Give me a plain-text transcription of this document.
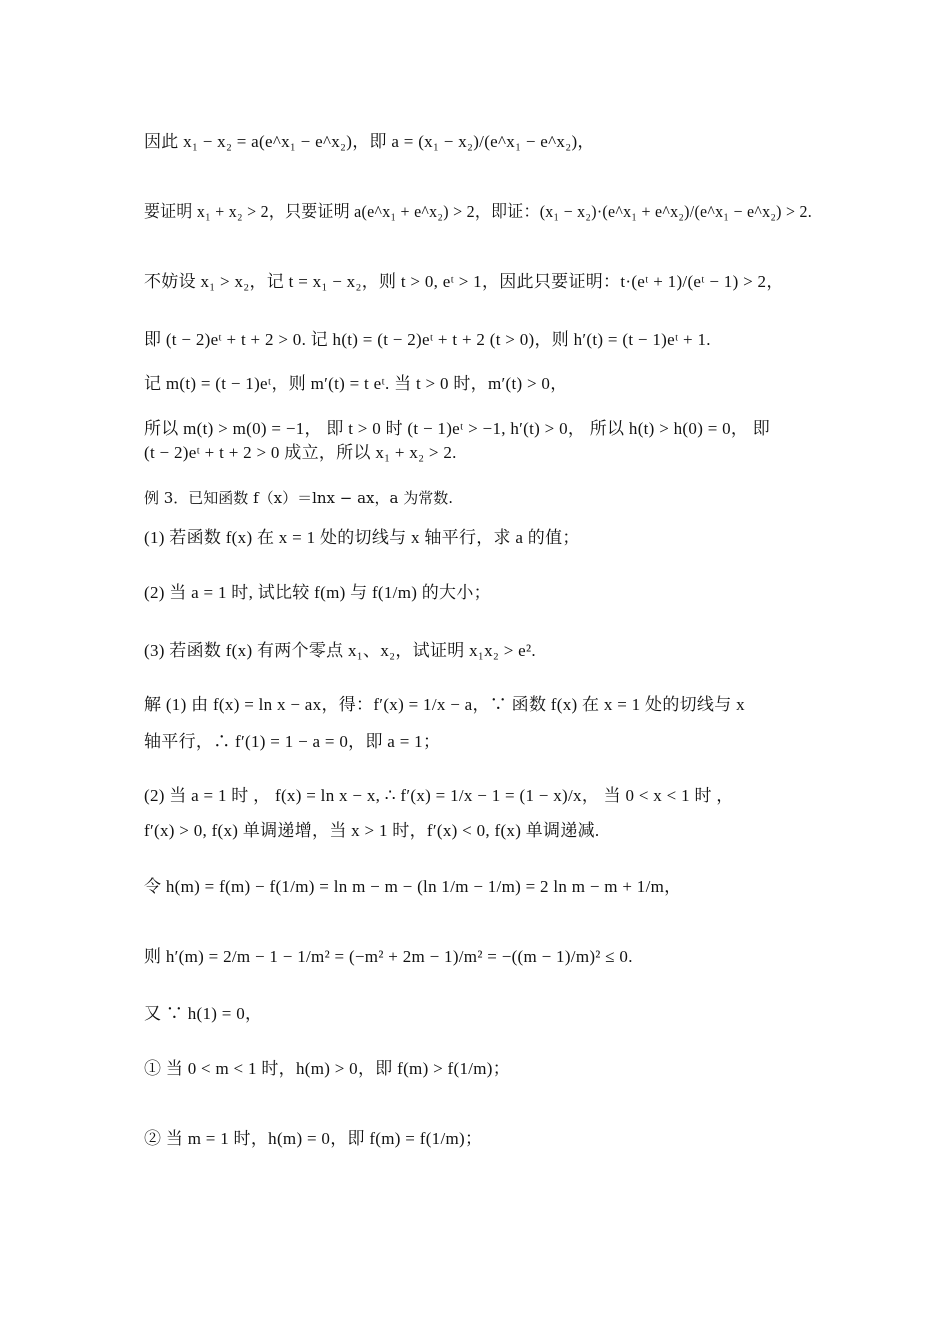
因此 x₁ − x₂ = a(e^x₁ − e^x₂)，即 a = (x₁ − x₂)/(e^x₁ − e^x₂)，
要证明 x₁ + x₂ > 2，只要证明 a(e^x₁ + e^x₂) > 2，即证：(x₁ − x₂)·(e^x₁ + e^x₂)/(e^x₁ − e^x₂) > 2.
不妨设 x₁ > x₂，记 t = x₁ − x₂，则 t > 0, eᵗ > 1，因此只要证明：t·(eᵗ + 1)/(eᵗ − 1) > 2，
即 (t − 2)eᵗ + t + 2 > 0. 记 h(t) = (t − 2)eᵗ + t + 2 (t > 0)，则 h′(t) = (t − 1)eᵗ + 1.
记 m(t) = (t − 1)eᵗ，则 m′(t) = t eᵗ. 当 t > 0 时，m′(t) > 0，
所以 m(t) > m(0) = −1， 即 t > 0 时 (t − 1)eᵗ > −1, h′(t) > 0， 所以 h(t) > h(0) = 0， 即
(t − 2)eᵗ + t + 2 > 0 成立，所以 x₁ + x₂ > 2.
例 3．已知函数 f（x）＝lnx − ax，a 为常数.
(1) 若函数 f(x) 在 x = 1 处的切线与 x 轴平行，求 a 的值；
(2) 当 a = 1 时, 试比较 f(m) 与 f(1/m) 的大小；
(3) 若函数 f(x) 有两个零点 x₁、x₂，试证明 x₁x₂ > e².
解 (1) 由 f(x) = ln x − ax，得：f′(x) = 1/x − a，∵ 函数 f(x) 在 x = 1 处的切线与 x
轴平行，∴ f′(1) = 1 − a = 0，即 a = 1；
(2) 当 a = 1 时 ， f(x) = ln x − x, ∴ f′(x) = 1/x − 1 = (1 − x)/x， 当 0 < x < 1 时 ，
f′(x) > 0, f(x) 单调递增，当 x > 1 时，f′(x) < 0, f(x) 单调递减.
令 h(m) = f(m) − f(1/m) = ln m − m − (ln 1/m − 1/m) = 2 ln m − m + 1/m，
则 h′(m) = 2/m − 1 − 1/m² = (−m² + 2m − 1)/m² = −((m − 1)/m)² ≤ 0.
又 ∵ h(1) = 0，
① 当 0 < m < 1 时，h(m) > 0，即 f(m) > f(1/m)；
② 当 m = 1 时，h(m) = 0，即 f(m) = f(1/m)；
